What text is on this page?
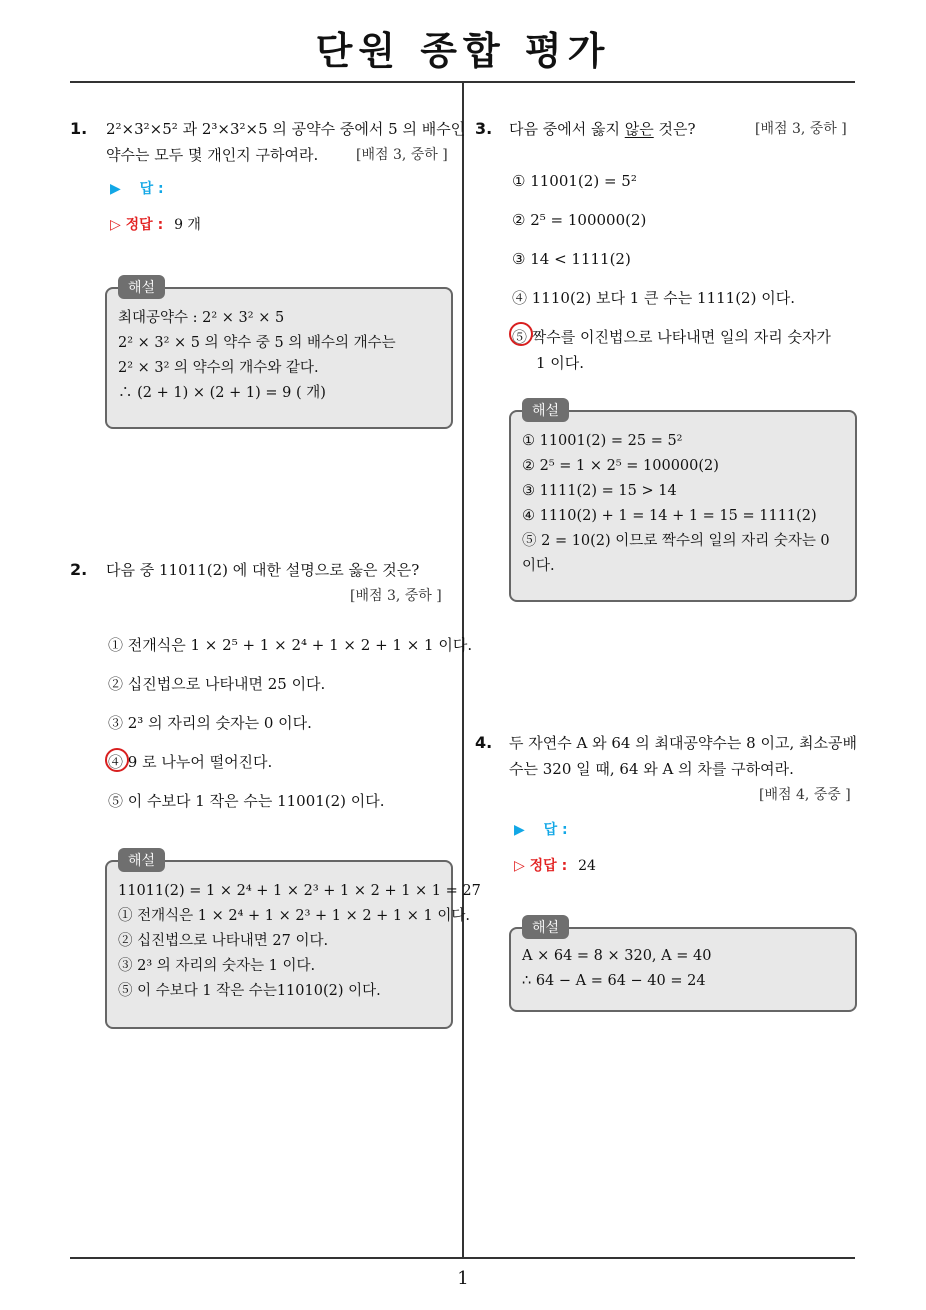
단원 종합 평가
1. 2²×3²×5² 과 2³×3²×5 의 공약수 중에서 5 의 배수인
약수는 모두 몇 개인지 구하여라.	[배점 3, 중하 ]
▶ 답 :
▷ 정답 : 9 개
해설
최대공약수 : 2² × 3² × 5
2² × 3² × 5 의 약수 중 5 의 배수의 개수는
2² × 3² 의 약수의 개수와 같다.
∴ (2 + 1) × (2 + 1) = 9 ( 개)
2. 다음 중 11011(2) 에 대한 설명으로 옳은 것은?
[배점 3, 중하 ]
① 전개식은 1 × 2⁵ + 1 × 2⁴ + 1 × 2 + 1 × 1 이다.
② 십진법으로 나타내면 25 이다.
③ 2³ 의 자리의 숫자는 0 이다.
④ 9 로 나누어 떨어진다.
⑤ 이 수보다 1 작은 수는 11001(2) 이다.
해설
11011(2) = 1 × 2⁴ + 1 × 2³ + 1 × 2 + 1 × 1 = 27
① 전개식은 1 × 2⁴ + 1 × 2³ + 1 × 2 + 1 × 1 이다.
② 십진법으로 나타내면 27 이다.
③ 2³ 의 자리의 숫자는 1 이다.
⑤ 이 수보다 1 작은 수는11010(2) 이다.
3. 다음 중에서 옳지 않은 것은?	[배점 3, 중하 ]
① 11001(2) = 5²
② 2⁵ = 100000(2)
③ 14 < 1111(2)
④ 1110(2) 보다 1 큰 수는 1111(2) 이다.
⑤ 짝수를 이진법으로 나타내면 일의 자리 숫자가
1 이다.
해설
① 11001(2) = 25 = 5²
② 2⁵ = 1 × 2⁵ = 100000(2)
③ 1111(2) = 15 > 14
④ 1110(2) + 1 = 14 + 1 = 15 = 1111(2)
⑤ 2 = 10(2) 이므로 짝수의 일의 자리 숫자는 0
이다.
4. 두 자연수 A 와 64 의 최대공약수는 8 이고, 최소공배
수는 320 일 때, 64 와 A 의 차를 구하여라.
[배점 4, 중중 ]
▶ 답 :
▷ 정답 : 24
해설
A × 64 = 8 × 320, A = 40
∴ 64 − A = 64 − 40 = 24
1
